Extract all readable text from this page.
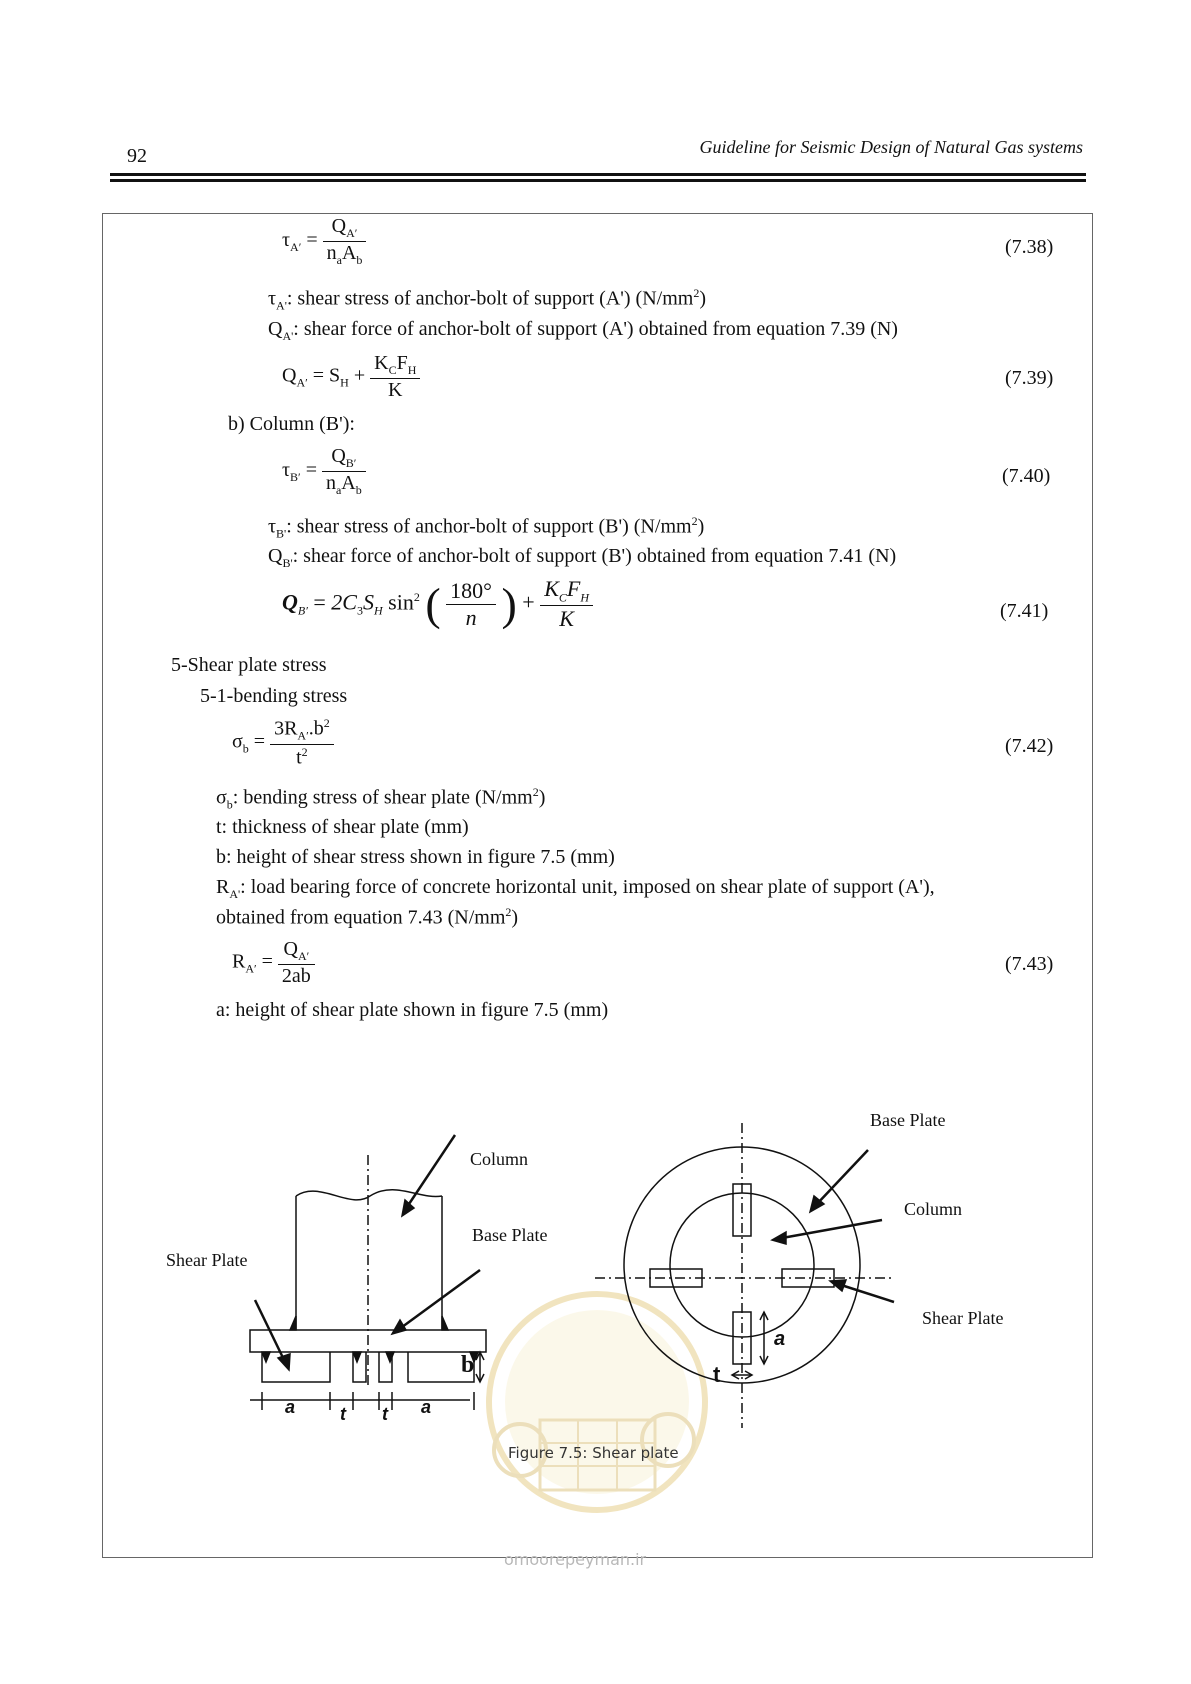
92	Guideline for Seismic Design of Natural Gas systems
$\tau_{A'} = \frac{Q_{A'}}{n_aA_b}$	(7.38)
$\tau_{A'}$: shear stress of anchor-bolt of support (A') $(N/mm^2)$
$Q_{A'}$: shear force of anchor-bolt of support (A') obtained from equation 7.39 (N)
$Q_{A'} = S_H + \frac{K_CF_H}{K}$	(7.39)
b) Column (B'):
$\tau_{B'} = \frac{Q_{B'}}{n_aA_b}$	(7.40)
$\tau_{B'}$: shear stress of anchor-bolt of support (B') $(N/mm^2)$
$Q_{B'}$: shear force of anchor-bolt of support (B') obtained from equation 7.41 (N)
$Q_{B'} = 2C_3S_H$ $\sin^2$ ( $\frac{180^\circ}{n}$ ) + $\frac{K_CF_H}{K}$	(7.41)
5-Shear plate stress
5-1-bending stress
$\sigma_b = \frac{3R_{A'}.b^2}{t^2}$	(7.42)
$\sigma_b$: bending stress of shear plate $(N/mm^2)$
t: thickness of shear plate (mm)
b: height of shear stress shown in figure 7.5 (mm)
$R_{A'}$: load bearing force of concrete horizontal unit, imposed on shear plate of support (A'),
obtained from equation 7.43 $(N/mm^2)$
$R_{A'} = \frac{Q_{A'}}{2ab}$	(7.43)
a: height of shear plate shown in figure 7.5 (mm)
Column
Base Plate
Shear Plate
a t t a
b
Base Plate
Column
Shear Plate
a
t
Figure 7.5: Shear plate
omoorepeyman.ir
